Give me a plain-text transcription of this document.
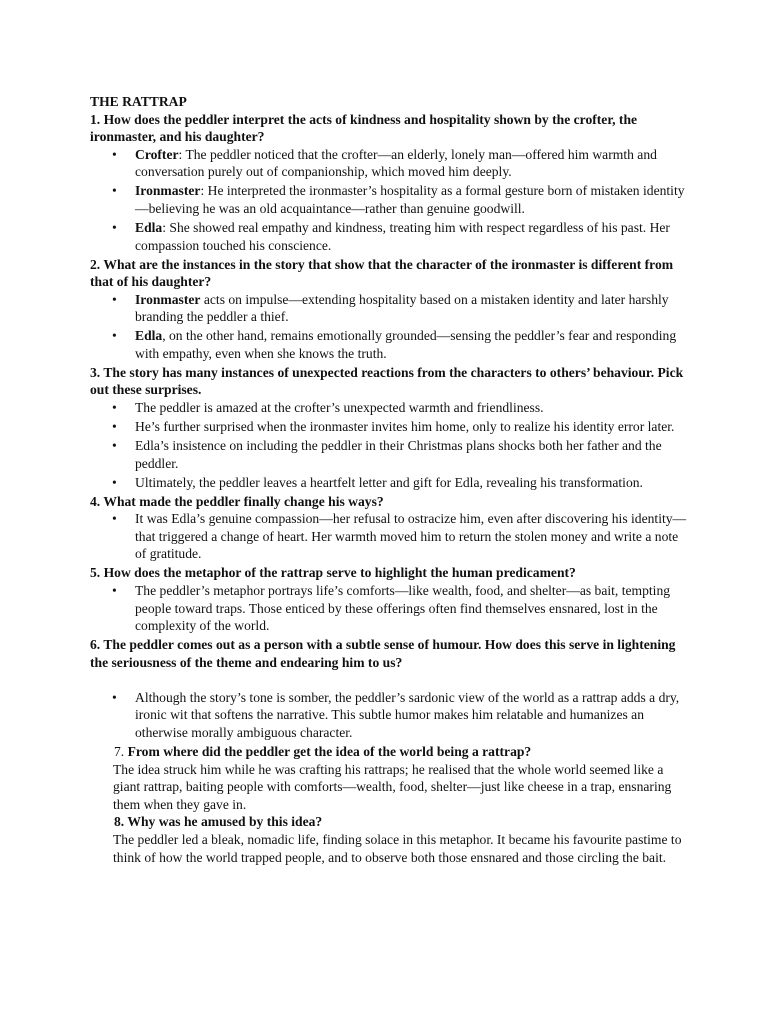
THE RATTRAP

1. How does the peddler interpret the acts of kindness and hospitality shown by the crofter, the ironmaster, and his daughter?

• Crofter: The peddler noticed that the crofter—an elderly, lonely man—offered him warmth and conversation purely out of companionship, which moved him deeply.
• Ironmaster: He interpreted the ironmaster’s hospitality as a formal gesture born of mistaken identity—believing he was an old acquaintance—rather than genuine goodwill.
• Edla: She showed real empathy and kindness, treating him with respect regardless of his past. Her compassion touched his conscience.

2. What are the instances in the story that show that the character of the ironmaster is different from that of his daughter?

• Ironmaster acts on impulse—extending hospitality based on a mistaken identity and later harshly branding the peddler a thief.
• Edla, on the other hand, remains emotionally grounded—sensing the peddler’s fear and responding with empathy, even when she knows the truth.

3. The story has many instances of unexpected reactions from the characters to others’ behaviour. Pick out these surprises.

• The peddler is amazed at the crofter’s unexpected warmth and friendliness.
• He’s further surprised when the ironmaster invites him home, only to realize his identity error later.
• Edla’s insistence on including the peddler in their Christmas plans shocks both her father and the peddler.
• Ultimately, the peddler leaves a heartfelt letter and gift for Edla, revealing his transformation.

4. What made the peddler finally change his ways?

• It was Edla’s genuine compassion—her refusal to ostracize him, even after discovering his identity—that triggered a change of heart. Her warmth moved him to return the stolen money and write a note of gratitude.

5. How does the metaphor of the rattrap serve to highlight the human predicament?

• The peddler’s metaphor portrays life’s comforts—like wealth, food, and shelter—as bait, tempting people toward traps. Those enticed by these offerings often find themselves ensnared, lost in the complexity of the world.

6. The peddler comes out as a person with a subtle sense of humour. How does this serve in lightening the seriousness of the theme and endearing him to us?

• Although the story’s tone is somber, the peddler’s sardonic view of the world as a rattrap adds a dry, ironic wit that softens the narrative. This subtle humor makes him relatable and humanizes an otherwise morally ambiguous character.

7. From where did the peddler get the idea of the world being a rattrap?

The idea struck him while he was crafting his rattraps; he realised that the whole world seemed like a giant rattrap, baiting people with comforts—wealth, food, shelter—just like cheese in a trap, ensnaring them when they gave in.

8. Why was he amused by this idea?

The peddler led a bleak, nomadic life, finding solace in this metaphor. It became his favourite pastime to think of how the world trapped people, and to observe both those ensnared and those circling the bait.
